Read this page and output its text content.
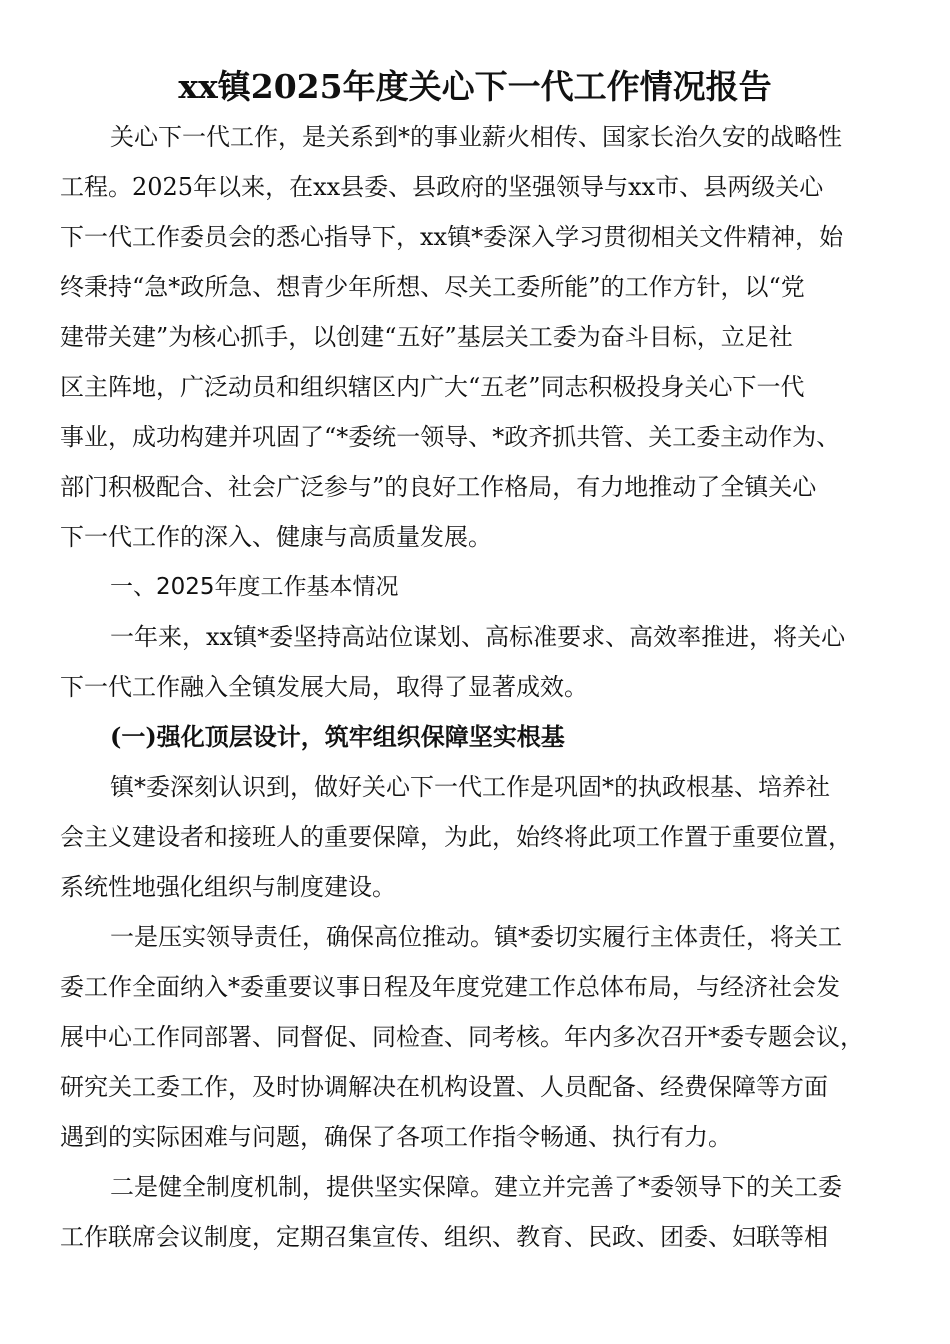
xx镇2025年度关心下一代工作情况报告
关心下一代工作，是关系到*的事业薪火相传、国家长治久安的战略性
工程。2025年以来，在xx县委、县政府的坚强领导与xx市、县两级关心
下一代工作委员会的悉心指导下，xx镇*委深入学习贯彻相关文件精神，始
终秉持“急*政所急、想青少年所想、尽关工委所能”的工作方针，以“党
建带关建”为核心抓手，以创建“五好”基层关工委为奋斗目标，立足社
区主阵地，广泛动员和组织辖区内广大“五老”同志积极投身关心下一代
事业，成功构建并巩固了“*委统一领导、*政齐抓共管、关工委主动作为、
部门积极配合、社会广泛参与”的良好工作格局，有力地推动了全镇关心
下一代工作的深入、健康与高质量发展。
一、2025年度工作基本情况
一年来，xx镇*委坚持高站位谋划、高标准要求、高效率推进，将关心
下一代工作融入全镇发展大局，取得了显著成效。
(一)强化顶层设计，筑牢组织保障坚实根基
镇*委深刻认识到，做好关心下一代工作是巩固*的执政根基、培养社
会主义建设者和接班人的重要保障，为此，始终将此项工作置于重要位置，
系统性地强化组织与制度建设。
一是压实领导责任，确保高位推动。镇*委切实履行主体责任，将关工
委工作全面纳入*委重要议事日程及年度党建工作总体布局，与经济社会发
展中心工作同部署、同督促、同检查、同考核。年内多次召开*委专题会议，
研究关工委工作，及时协调解决在机构设置、人员配备、经费保障等方面
遇到的实际困难与问题，确保了各项工作指令畅通、执行有力。
二是健全制度机制，提供坚实保障。建立并完善了*委领导下的关工委
工作联席会议制度，定期召集宣传、组织、教育、民政、团委、妇联等相
